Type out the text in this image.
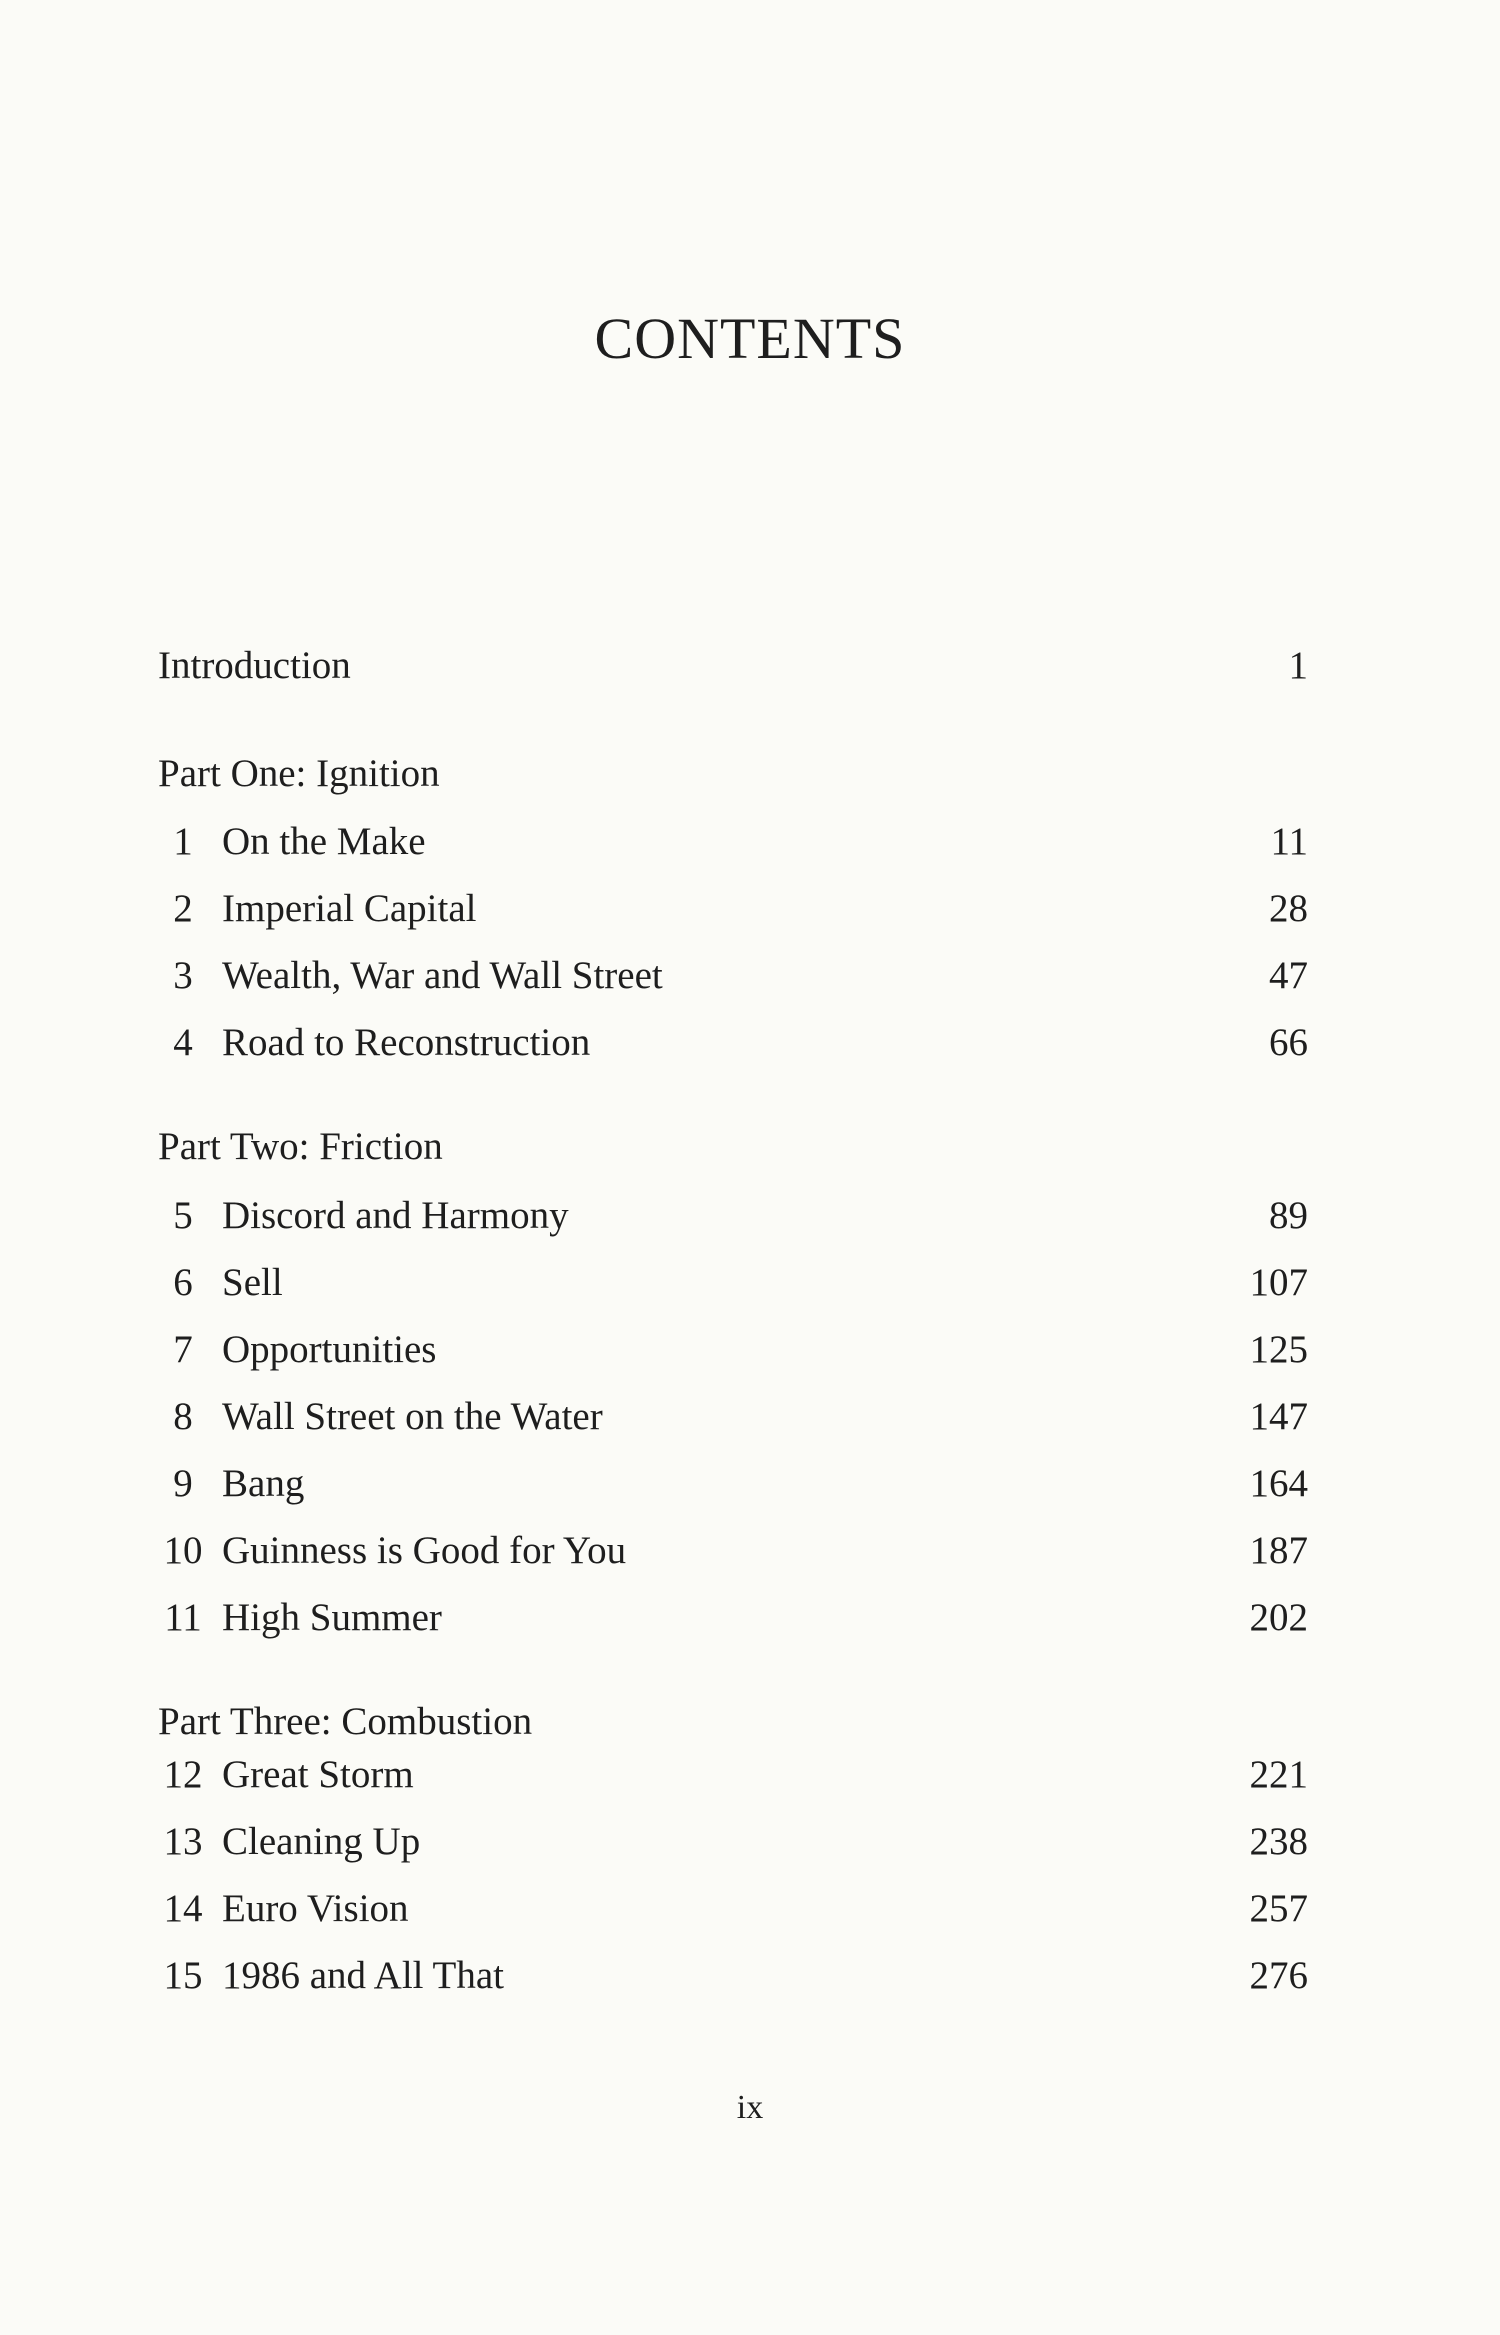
CONTENTS
Introduction	1
Part One: Ignition
1 On the Make	11
2 Imperial Capital	28
3 Wealth, War and Wall Street	47
4 Road to Reconstruction	66
Part Two: Friction
5 Discord and Harmony	89
6 Sell	107
7 Opportunities	125
8 Wall Street on the Water	147
9 Bang	164
10 Guinness is Good for You	187
11 High Summer	202
Part Three: Combustion
12 Great Storm	221
13 Cleaning Up	238
14 Euro Vision	257
15 1986 and All That	276
ix
